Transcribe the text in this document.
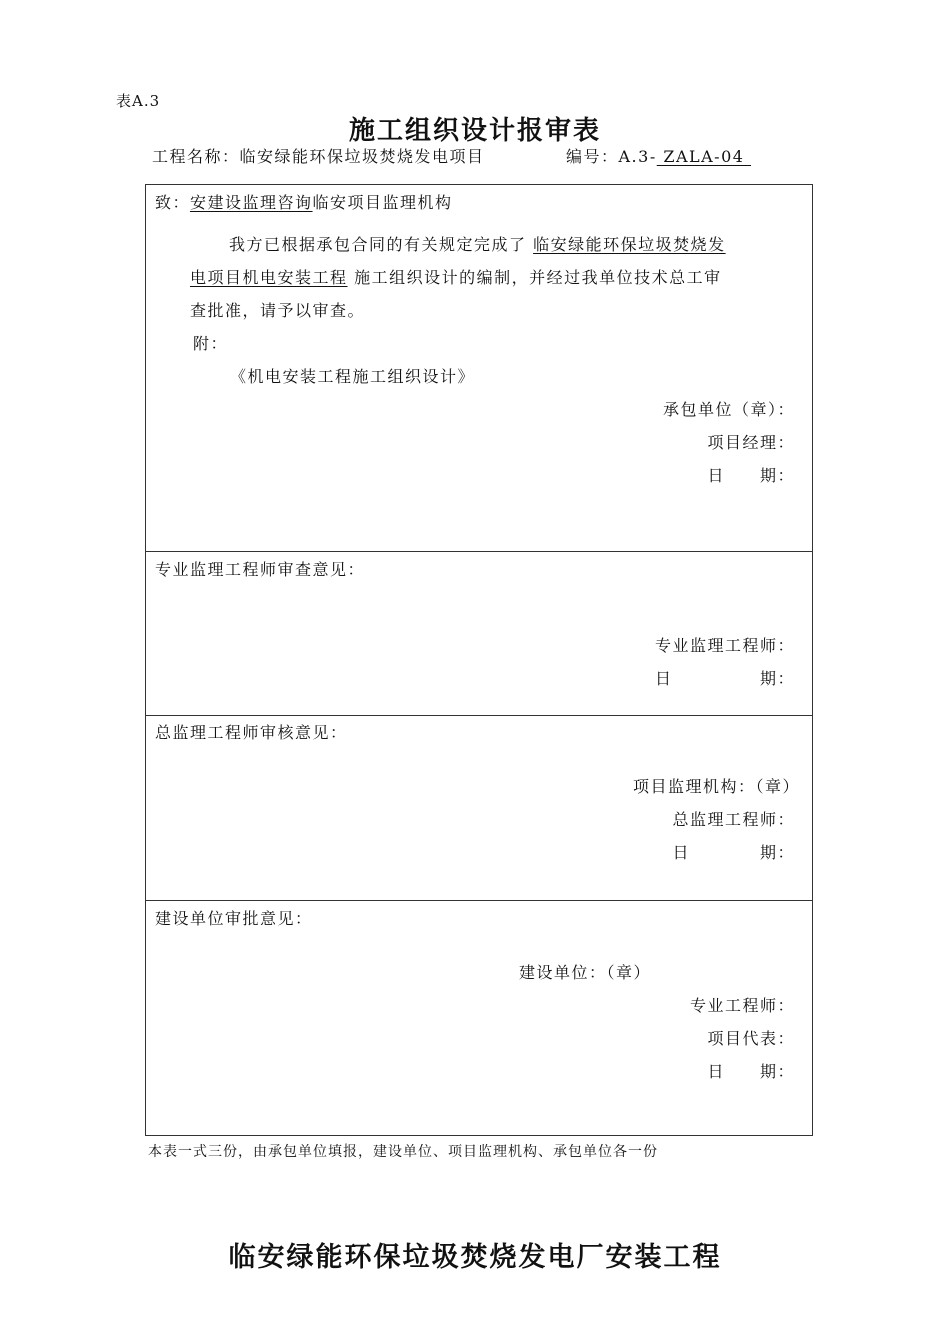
表A.3
施工组织设计报审表
工程名称：临安绿能环保垃圾焚烧发电项目	编号：A.3- ZALA-04
致：安建设监理咨询临安项目监理机构
我方已根据承包合同的有关规定完成了 临安绿能环保垃圾焚烧发
电项目机电安装工程 施工组织设计的编制，并经过我单位技术总工审
查批准，请予以审查。
附：
《机电安装工程施工组织设计》
承包单位（章）：
项目经理：
日　　期：
专业监理工程师审查意见：
专业监理工程师：
日　　　　　期：
总监理工程师审核意见：
项目监理机构：（章）
总监理工程师：
日　　　　期：
建设单位审批意见：
建设单位：（章）
专业工程师：
项目代表：
日　　期：
本表一式三份，由承包单位填报，建设单位、项目监理机构、承包单位各一份
临安绿能环保垃圾焚烧发电厂安装工程
